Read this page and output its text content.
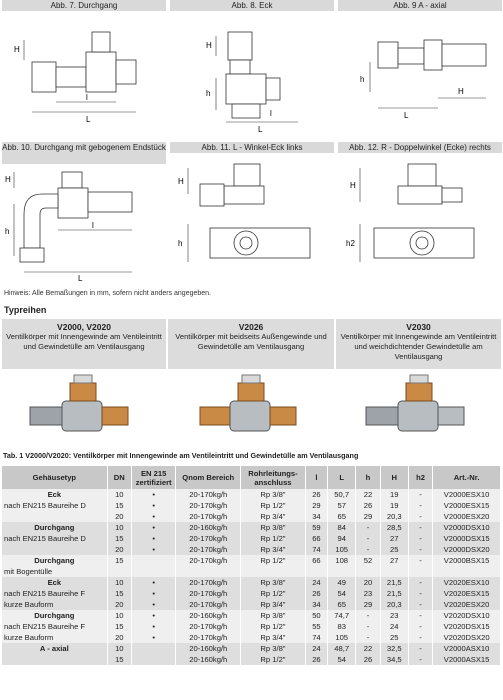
Abb. 7. Durchgang
H
l
L
Abb. 8. Eck
H
h
l
L
Abb. 9 A - axial
h
L
H
Abb. 10. Durchgang mit gebogenem Endstück
H
h
l
L
Abb. 11. L - Winkel-Eck links
H
h
Abb. 12. R - Doppelwinkel (Ecke) rechts
H
h2
Hinweis: Alle Bemaßungen in mm, sofern nicht anders angegeben.
Typreihen
V2000, V2020
Ventilkörper mit Innengewinde am Ventileintritt und Gewindetülle am Ventilausgang
V2026
Ventilkörper mit beidseits Außengewinde und Gewindetülle am Ventilausgang
V2030
Ventilkörper mit Innengewinde am Ventileintritt und weichdichtender Gewindetülle am Ventilausgang
Tab. 1 V2000/V2020: Ventilkörper mit Innengewinde am Ventileintritt und Gewindetülle am Ventilausgang
Gehäusetyp	DN	EN 215 zertifiziert	Qnom Bereich	Rohrleitungs-anschluss	l	L	h	H	h2	Art.-Nr.
Eck	10	•	20-170kg/h	Rp 3/8"	26	50,7	22	19	-	V2000ESX10
nach EN215 Baureihe D	15	•	20-170kg/h	Rp 1/2"	29	57	26	19	-	V2000ESX15
	20	•	20-170kg/h	Rp 3/4"	34	65	29	20,3	-	V2000ESX20
Durchgang	10	•	20-160kg/h	Rp 3/8"	59	84	-	28,5	-	V2000DSX10
nach EN215 Baureihe D	15	•	20-170kg/h	Rp 1/2"	66	94	-	27	-	V2000DSX15
	20	•	20-170kg/h	Rp 3/4"	74	105	-	25	-	V2000DSX20
Durchgang	15		20-170kg/h	Rp 1/2"	66	108	52	27	-	V2000BSX15
mit Bogentülle										
Eck	10	•	20-170kg/h	Rp 3/8"	24	49	20	21,5	-	V2020ESX10
nach EN215 Baureihe F	15	•	20-170kg/h	Rp 1/2"	26	54	23	21,5	-	V2020ESX15
kurze Bauform	20	•	20-170kg/h	Rp 3/4"	34	65	29	20,3	-	V2020ESX20
Durchgang	10	•	20-160kg/h	Rp 3/8"	50	74,7	-	23	-	V2020DSX10
nach EN215 Baureihe F	15	•	20-170kg/h	Rp 1/2"	55	83	-	24	-	V2020DSX15
kurze Bauform	20	•	20-170kg/h	Rp 3/4"	74	105	-	25	-	V2020DSX20
A - axial	10		20-160kg/h	Rp 3/8"	24	48,7	22	32,5	-	V2000ASX10
	15		20-160kg/h	Rp 1/2"	26	54	26	34,5	-	V2000ASX15
